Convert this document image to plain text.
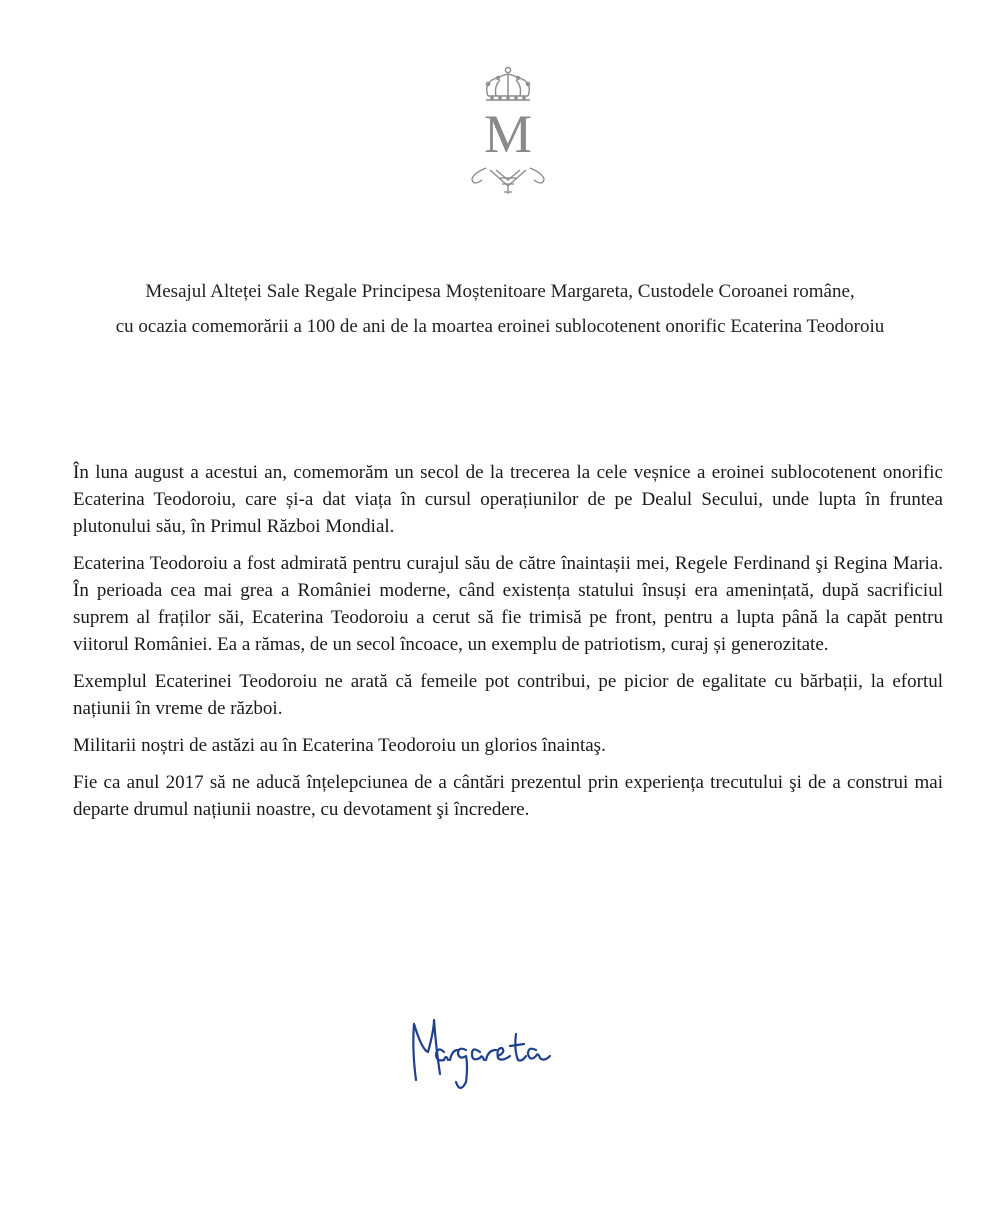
M
Mesajul Alteței Sale Regale Principesa Moștenitoare Margareta, Custodele Coroanei române,
cu ocazia comemorării a 100 de ani de la moartea eroinei sublocotenent onorific Ecaterina Teodoroiu

În luna august a acestui an, comemorăm un secol de la trecerea la cele veșnice a eroinei sublocotenent onorific Ecaterina Teodoroiu, care și-a dat viața în cursul operațiunilor de pe Dealul Secului, unde lupta în fruntea plutonului său, în Primul Război Mondial.

Ecaterina Teodoroiu a fost admirată pentru curajul său de către înaintașii mei, Regele Ferdinand şi Regina Maria. În perioada cea mai grea a României moderne, când existența statului însuși era amenințată, după sacrificiul suprem al fraților săi, Ecaterina Teodoroiu a cerut să fie trimisă pe front, pentru a lupta până la capăt pentru viitorul României. Ea a rămas, de un secol încoace, un exemplu de patriotism, curaj și generozitate.

Exemplul Ecaterinei Teodoroiu ne arată că femeile pot contribui, pe picior de egalitate cu bărbații, la efortul națiunii în vreme de război.

Militarii noștri de astăzi au în Ecaterina Teodoroiu un glorios înaintaş.

Fie ca anul 2017 să ne aducă înțelepciunea de a cântări prezentul prin experiența trecutului şi de a construi mai departe drumul națiunii noastre, cu devotament şi încredere.

Margareta
